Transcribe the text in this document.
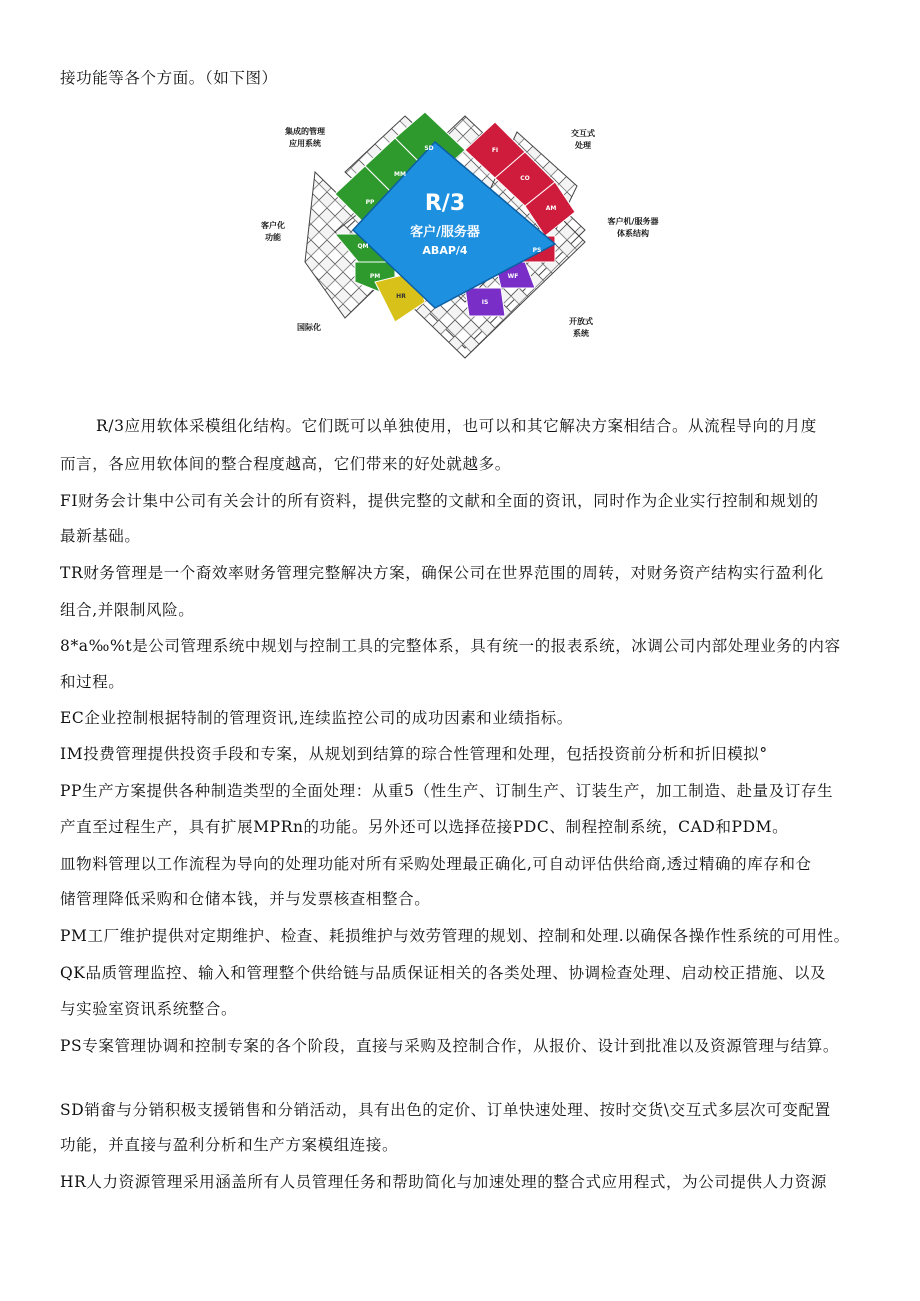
接功能等各个方面。（如下图）
R/3
客户/服务器
ABAP/4
SD
MM
PP
QM
PM
HR
FI
CO
AM
PS
WF
IS
集成的管理
应用系统
交互式
处理
客户化
功能
客户机/服务器
体系结构
国际化
开放式
系统
R/3应用软体采模组化结构。它们既可以单独使用，也可以和其它解决方案相结合。从流程导向的月度
而言，各应用软体间的整合程度越高，它们带来的好处就越多。
FI财务会计集中公司有关会计的所有资料，提供完整的文献和全面的资讯，同时作为企业实行控制和规划的
最新基础。
TR财务管理是一个裔效率财务管理完整解决方案，确保公司在世界范围的周转，对财务资产结构实行盈利化
组合,并限制风险。
8*a‰%t是公司管理系统中规划与控制工具的完整体系，具有统一的报表系统，冰调公司内部处理业务的内容
和过程。
EC企业控制根据特制的管理资讯,连续监控公司的成功因素和业绩指标。
IM投费管理提供投资手段和专案，从规划到结算的琮合性管理和处理，包括投资前分析和折旧模拟°
PP生产方案提供各种制造类型的全面处理：从重5（性生产、订制生产、订装生产，加工制造、赴量及订存生
产直至过程生产，具有扩展MPRn的功能。另外还可以选择莅接PDC、制程控制系统，CAD和PDM。
皿物料管理以工作流程为导向的处理功能对所有采购处理最正确化,可自动评估供给商,透过精确的库存和仓
储管理降低采购和仓储本钱，并与发票核查相整合。
PM工厂维护提供对定期维护、检查、耗损维护与效劳管理的规划、控制和处理.以确保各操作性系统的可用性。
QK品质管理监控、输入和管理整个供给链与品质保证相关的各类处理、协调检查处理、启动校正措施、以及
与实验室资讯系统整合。
PS专案管理协调和控制专案的各个阶段，直接与采购及控制合作，从报价、设计到批准以及资源管理与结算。
SD销畲与分销积极支援销售和分销活动，具有出色的定价、订单快速处理、按时交货\交互式多层次可变配置
功能，并直接与盈利分析和生产方案模组连接。
HR人力资源管理采用涵盖所有人员管理任务和帮助简化与加速处理的整合式应用程式，为公司提供人力资源
